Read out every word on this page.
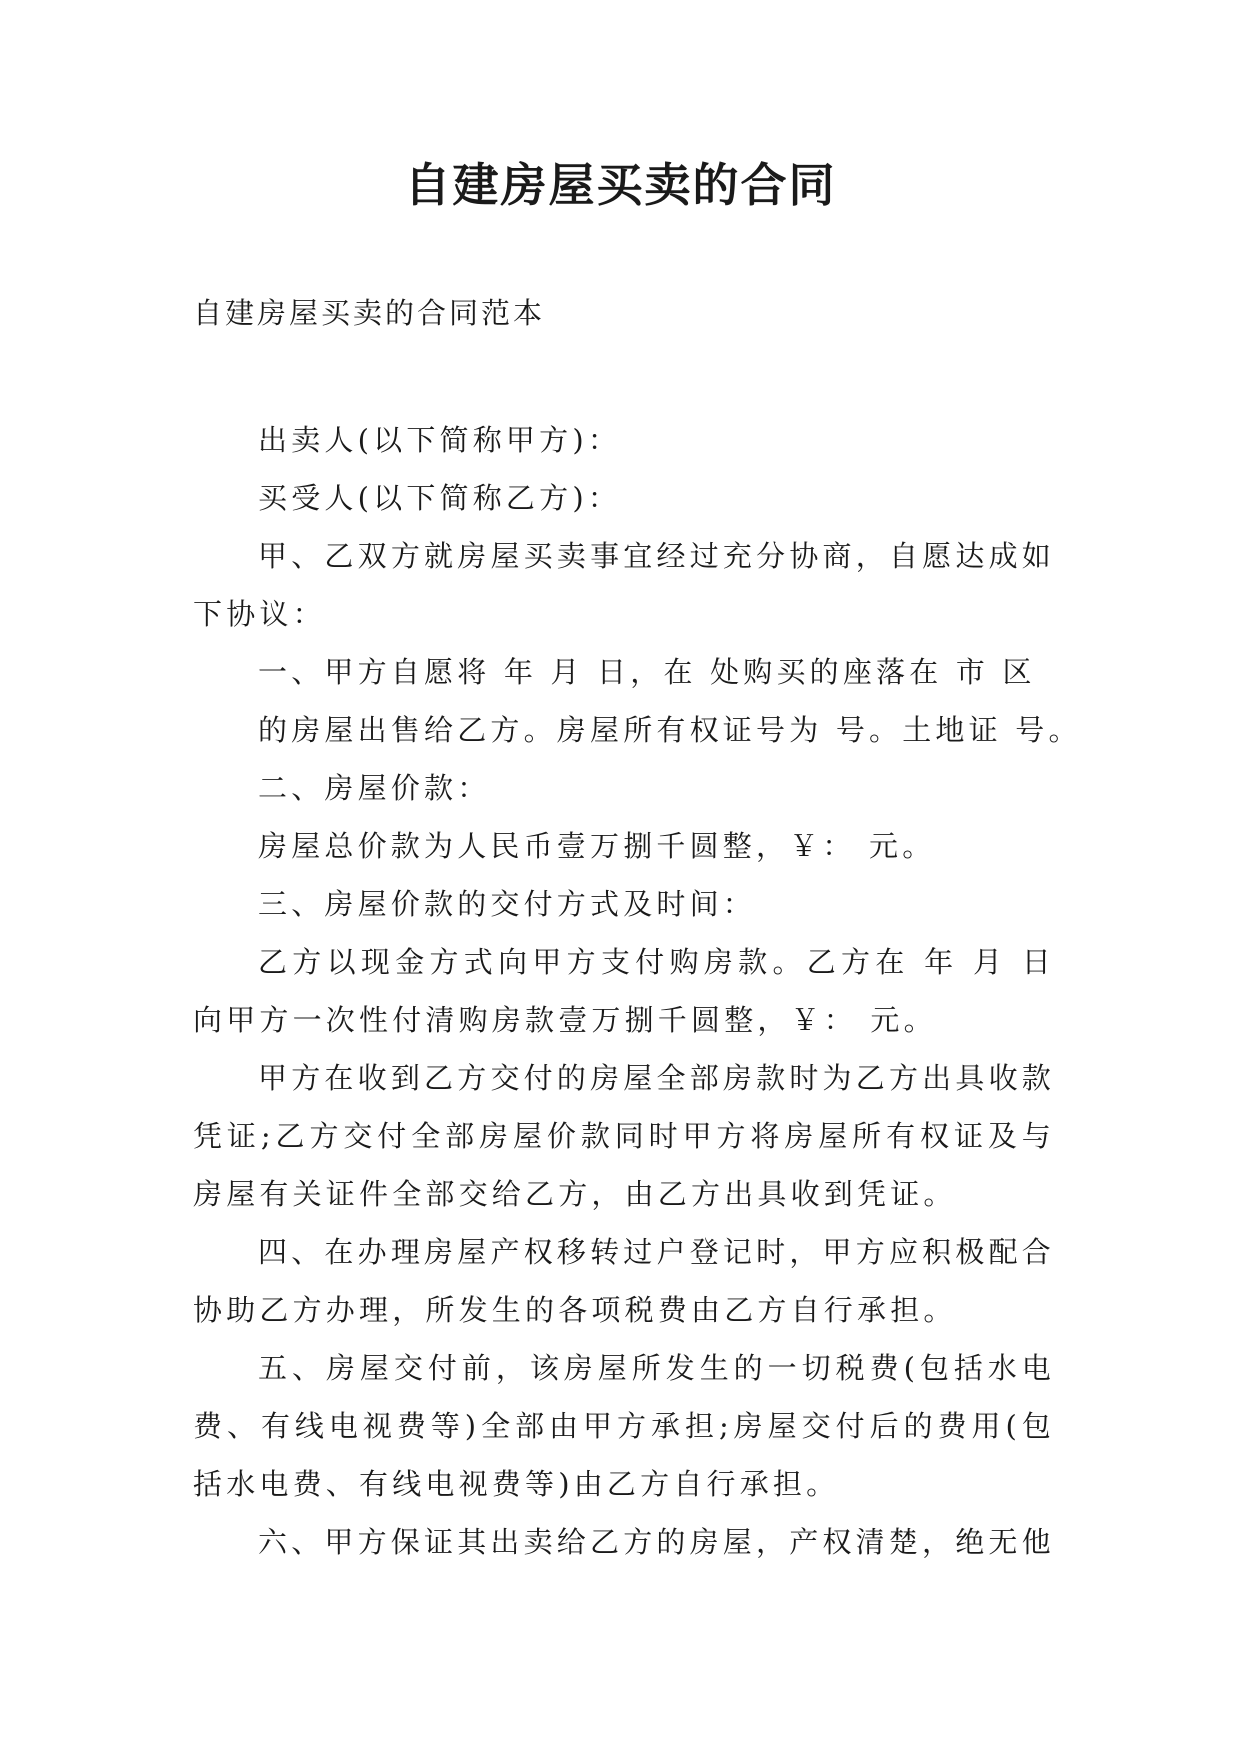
自建房屋买卖的合同
自建房屋买卖的合同范本

出卖人(以下简称甲方)：

买受人(以下简称乙方)：

甲、乙双方就房屋买卖事宜经过充分协商，自愿达成如下协议：

一、甲方自愿将 年 月 日，在 处购买的座落在 市 区

的房屋出售给乙方。房屋所有权证号为 号。土地证 号。

二、房屋价款：

房屋总价款为人民币壹万捌千圆整，￥： 元。

三、房屋价款的交付方式及时间：

乙方以现金方式向甲方支付购房款。乙方在 年 月 日向甲方一次性付清购房款壹万捌千圆整，￥： 元。

甲方在收到乙方交付的房屋全部房款时为乙方出具收款凭证;乙方交付全部房屋价款同时甲方将房屋所有权证及与房屋有关证件全部交给乙方，由乙方出具收到凭证。

四、在办理房屋产权移转过户登记时，甲方应积极配合协助乙方办理，所发生的各项税费由乙方自行承担。

五、房屋交付前，该房屋所发生的一切税费(包括水电费、有线电视费等)全部由甲方承担;房屋交付后的费用(包括水电费、有线电视费等)由乙方自行承担。

六、甲方保证其出卖给乙方的房屋，产权清楚，绝无他
